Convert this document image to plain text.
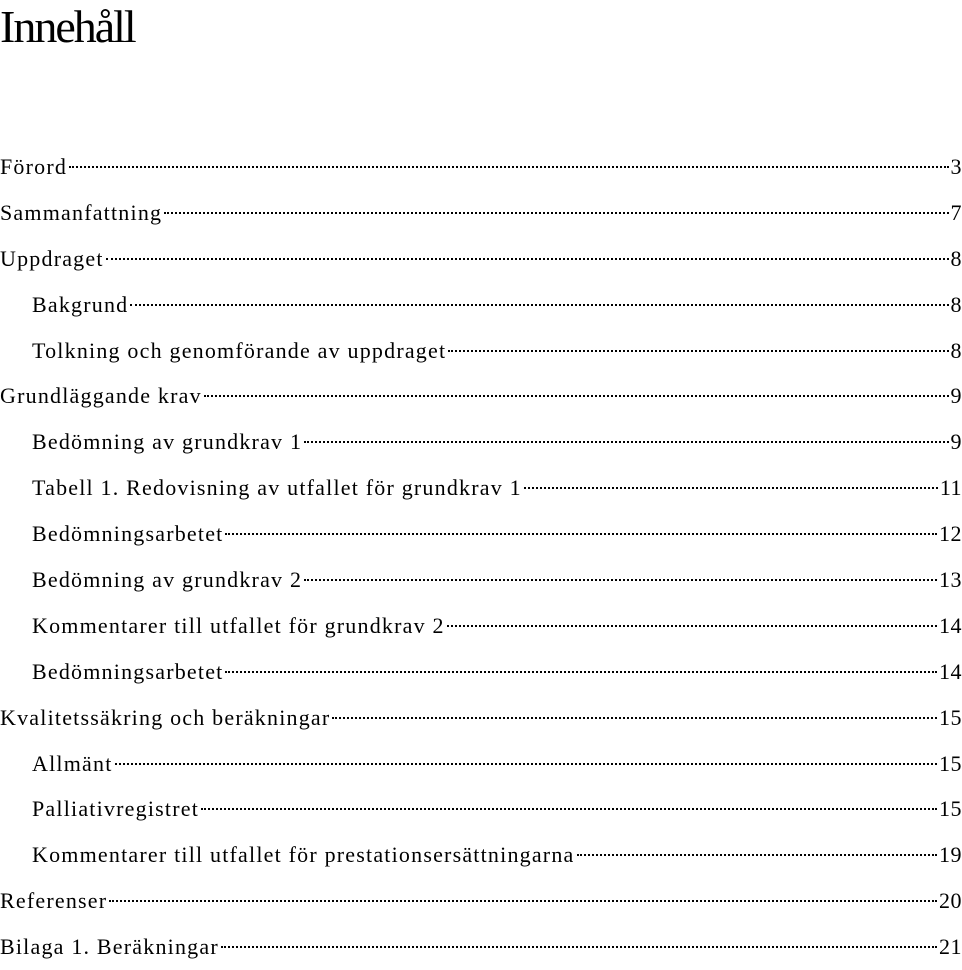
Innehåll
Förord	3
Sammanfattning	7
Uppdraget	8
Bakgrund	8
Tolkning och genomförande av uppdraget	8
Grundläggande krav	9
Bedömning av grundkrav 1	9
Tabell 1. Redovisning av utfallet för grundkrav 1	11
Bedömningsarbetet	12
Bedömning av grundkrav 2	13
Kommentarer till utfallet för grundkrav 2	14
Bedömningsarbetet	14
Kvalitetssäkring och beräkningar	15
Allmänt	15
Palliativregistret	15
Kommentarer till utfallet för prestationsersättningarna	19
Referenser	20
Bilaga 1. Beräkningar	21
